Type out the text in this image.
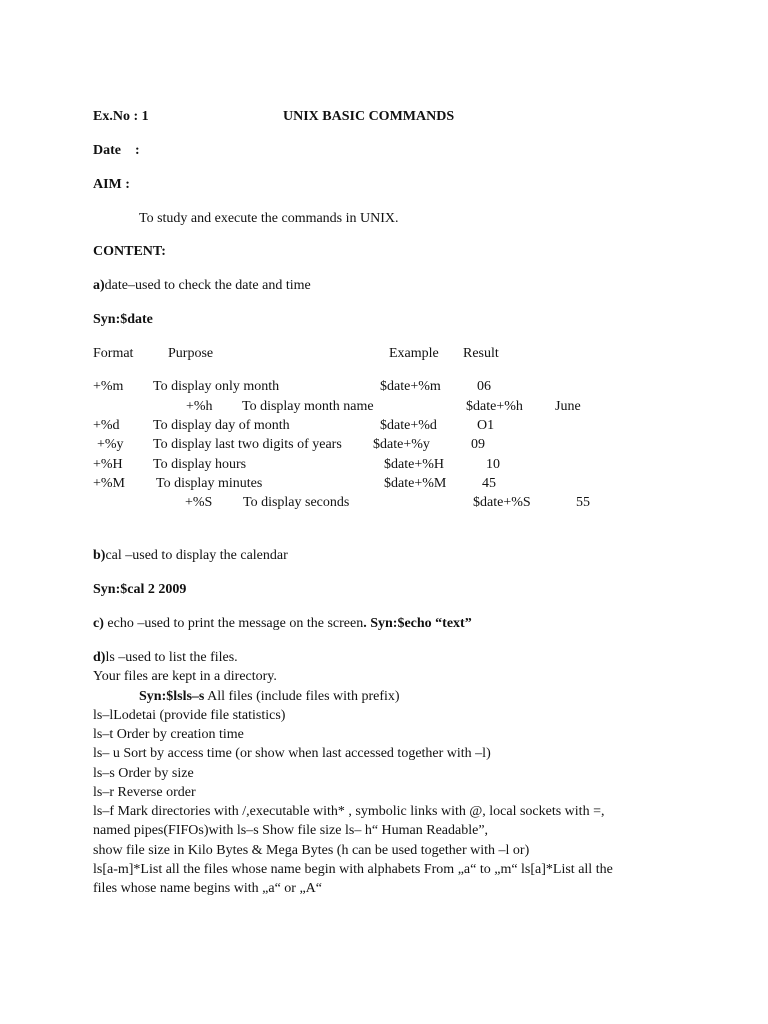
Ex.No : 1	UNIX BASIC COMMANDS
Date    :
AIM :
To study and execute the commands in UNIX.
CONTENT:
a)date–used to check the date and time
Syn:$date
Format Purpose	Example Result
+%m To display only month	$date+%m	06
+%h To display month name	$date+%h June
+%d To display day of month	$date+%d	O1
+%y To display last two digits of years $date+%y	09
+%H To display hours	$date+%H	10
+%M To display minutes	$date+%M	45
+%S To display seconds	$date+%S	55
b)cal –used to display the calendar
Syn:$cal 2 2009
c) echo –used to print the message on the screen. Syn:$echo “text”
d)ls –used to list the files.
Your files are kept in a directory.
Syn:$lsls–s All files (include files with prefix)
ls–lLodetai (provide file statistics)
ls–t Order by creation time
ls– u Sort by access time (or show when last accessed together with –l)
ls–s Order by size
ls–r Reverse order
ls–f Mark directories with /,executable with* , symbolic links with @, local sockets with =,
named pipes(FIFOs)with ls–s Show file size ls– h“ Human Readable”,
show file size in Kilo Bytes & Mega Bytes (h can be used together with –l or)
ls[a-m]*List all the files whose name begin with alphabets From „a“ to „m“ ls[a]*List all the
files whose name begins with „a“ or „A“
